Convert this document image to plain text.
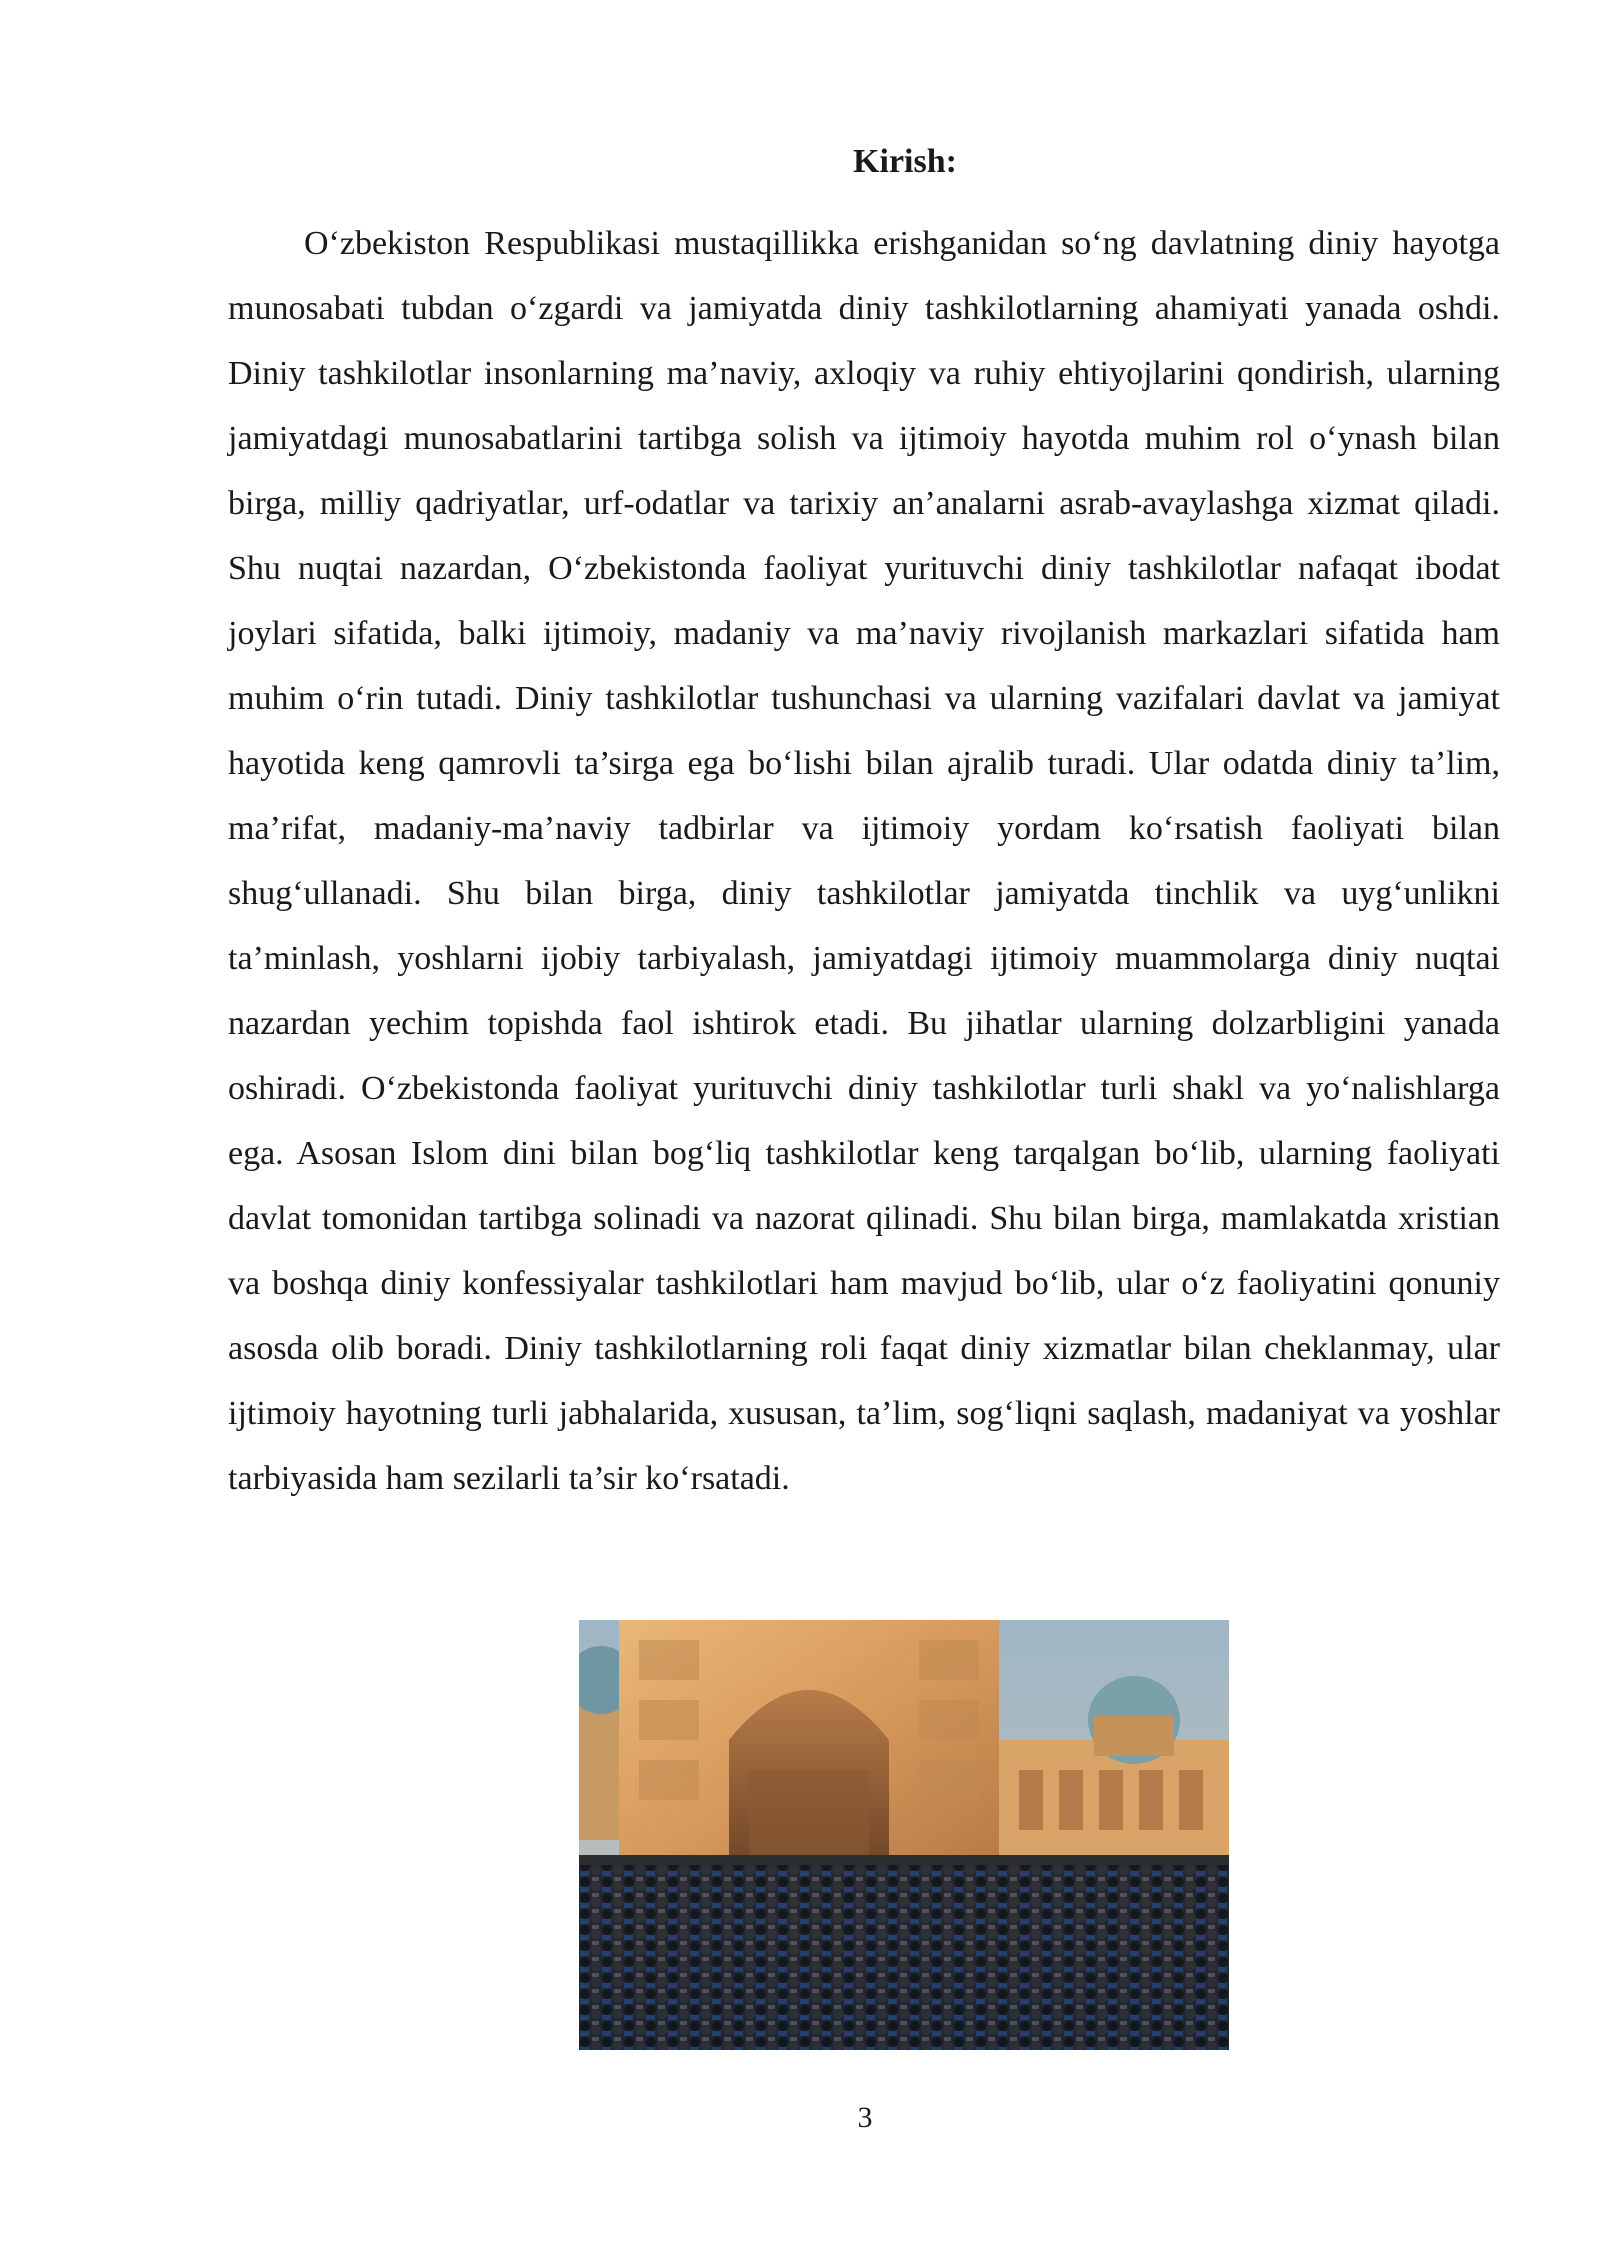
Kirish:

O‘zbekiston Respublikasi mustaqillikka erishganidan so‘ng davlatning diniy hayotga munosabati tubdan o‘zgardi va jamiyatda diniy tashkilotlarning ahamiyati yanada oshdi. Diniy tashkilotlar insonlarning ma’naviy, axloqiy va ruhiy ehtiyojlarini qondirish, ularning jamiyatdagi munosabatlarini tartibga solish va ijtimoiy hayotda muhim rol o‘ynash bilan birga, milliy qadriyatlar, urf-odatlar va tarixiy an’analarni asrab-avaylashga xizmat qiladi. Shu nuqtai nazardan, O‘zbekistonda faoliyat yurituvchi diniy tashkilotlar nafaqat ibodat joylari sifatida, balki ijtimoiy, madaniy va ma’naviy rivojlanish markazlari sifatida ham muhim o‘rin tutadi. Diniy tashkilotlar tushunchasi va ularning vazifalari davlat va jamiyat hayotida keng qamrovli ta’sirga ega bo‘lishi bilan ajralib turadi. Ular odatda diniy ta’lim, ma’rifat, madaniy-ma’naviy tadbirlar va ijtimoiy yordam ko‘rsatish faoliyati bilan shug‘ullanadi. Shu bilan birga, diniy tashkilotlar jamiyatda tinchlik va uyg‘unlikni ta’minlash, yoshlarni ijobiy tarbiyalash, jamiyatdagi ijtimoiy muammolarga diniy nuqtai nazardan yechim topishda faol ishtirok etadi. Bu jihatlar ularning dolzarbligini yanada oshiradi. O‘zbekistonda faoliyat yurituvchi diniy tashkilotlar turli shakl va yo‘nalishlarga ega. Asosan Islom dini bilan bog‘liq tashkilotlar keng tarqalgan bo‘lib, ularning faoliyati davlat tomonidan tartibga solinadi va nazorat qilinadi. Shu bilan birga, mamlakatda xristian va boshqa diniy konfessiyalar tashkilotlari ham mavjud bo‘lib, ular o‘z faoliyatini qonuniy asosda olib boradi. Diniy tashkilotlarning roli faqat diniy xizmatlar bilan cheklanmay, ular ijtimoiy hayotning turli jabhalarida, xususan, ta’lim, sog‘liqni saqlash, madaniyat va yoshlar tarbiyasida ham sezilarli ta’sir ko‘rsatadi.

3
